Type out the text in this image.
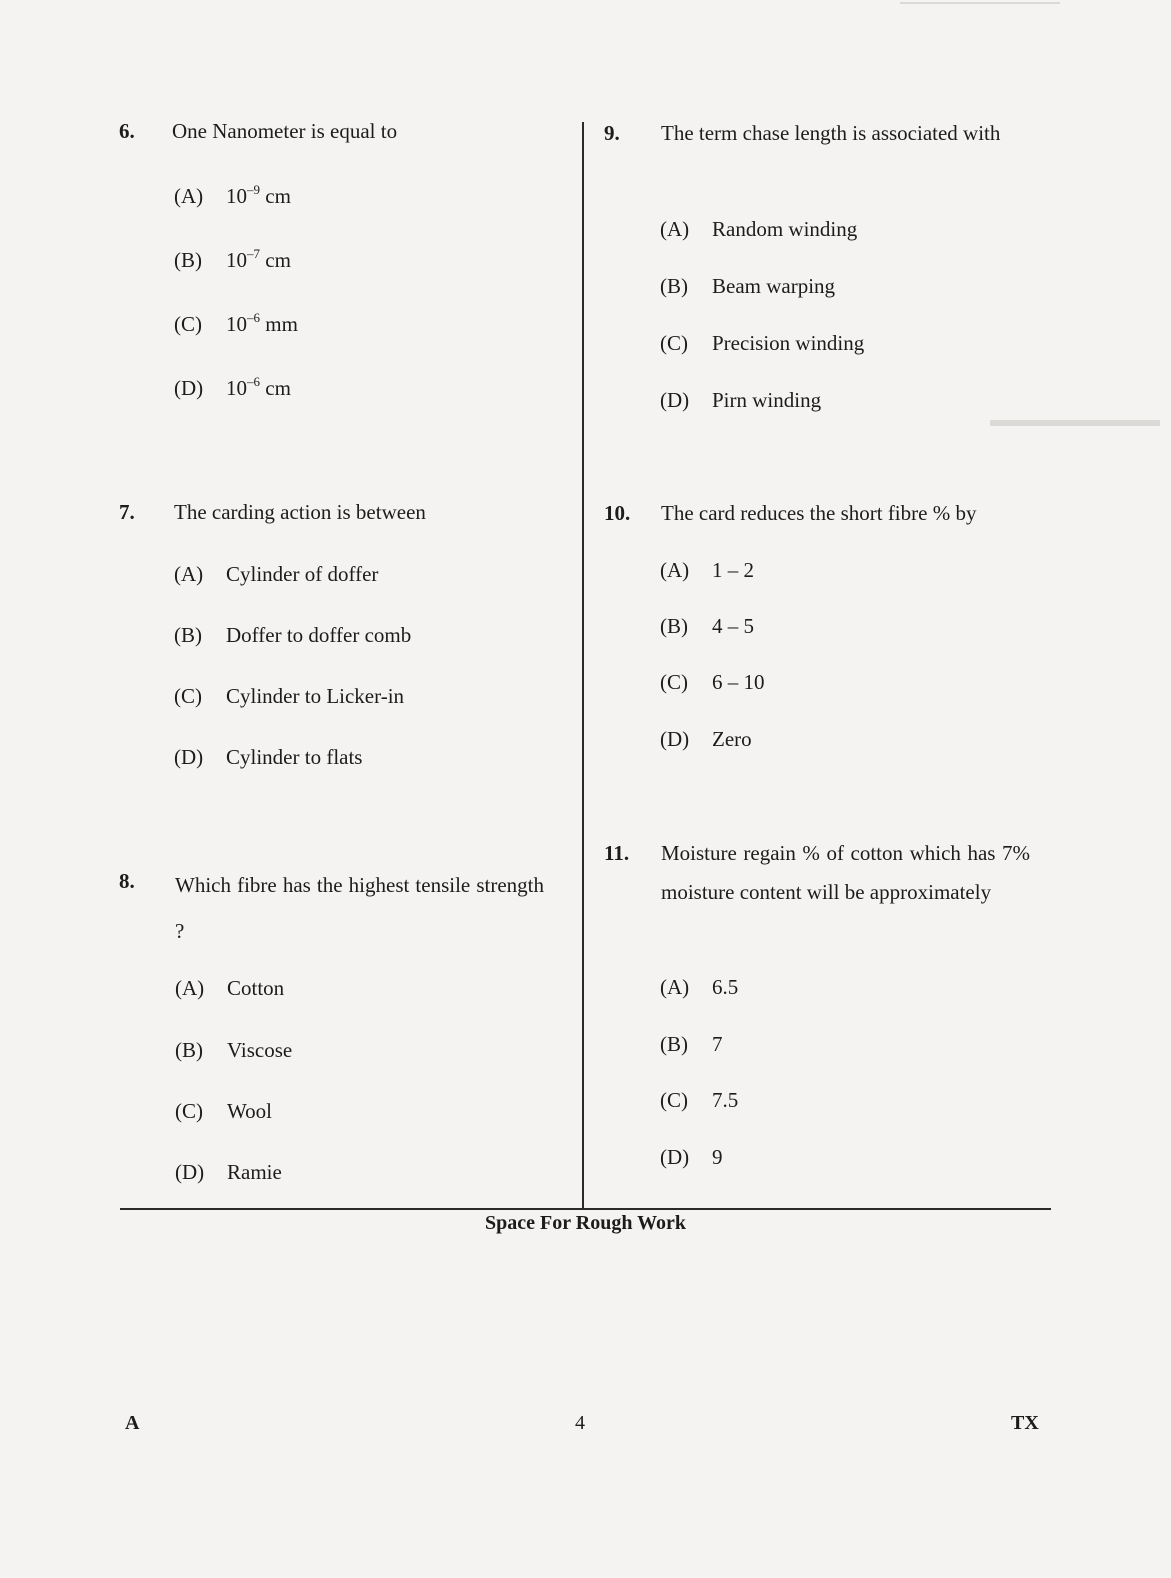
6. One Nanometer is equal to
(A) $10^{-9}$ cm
(B) $10^{-7}$ cm
(C) $10^{-6}$ mm
(D) $10^{-6}$ cm
7. The carding action is between
(A) Cylinder of doffer
(B) Doffer to doffer comb
(C) Cylinder to Licker-in
(D) Cylinder to flats
8. Which fibre has the highest tensile strength ?
(A) Cotton
(B) Viscose
(C) Wool
(D) Ramie
9. The term chase length is associated with
(A) Random winding
(B) Beam warping
(C) Precision winding
(D) Pirn winding
10. The card reduces the short fibre % by
(A) 1 – 2
(B) 4 – 5
(C) 6 – 10
(D) Zero
11. Moisture regain % of cotton which has 7% moisture content will be approximately
(A) 6.5
(B) 7
(C) 7.5
(D) 9
Space For Rough Work
A	4	TX
